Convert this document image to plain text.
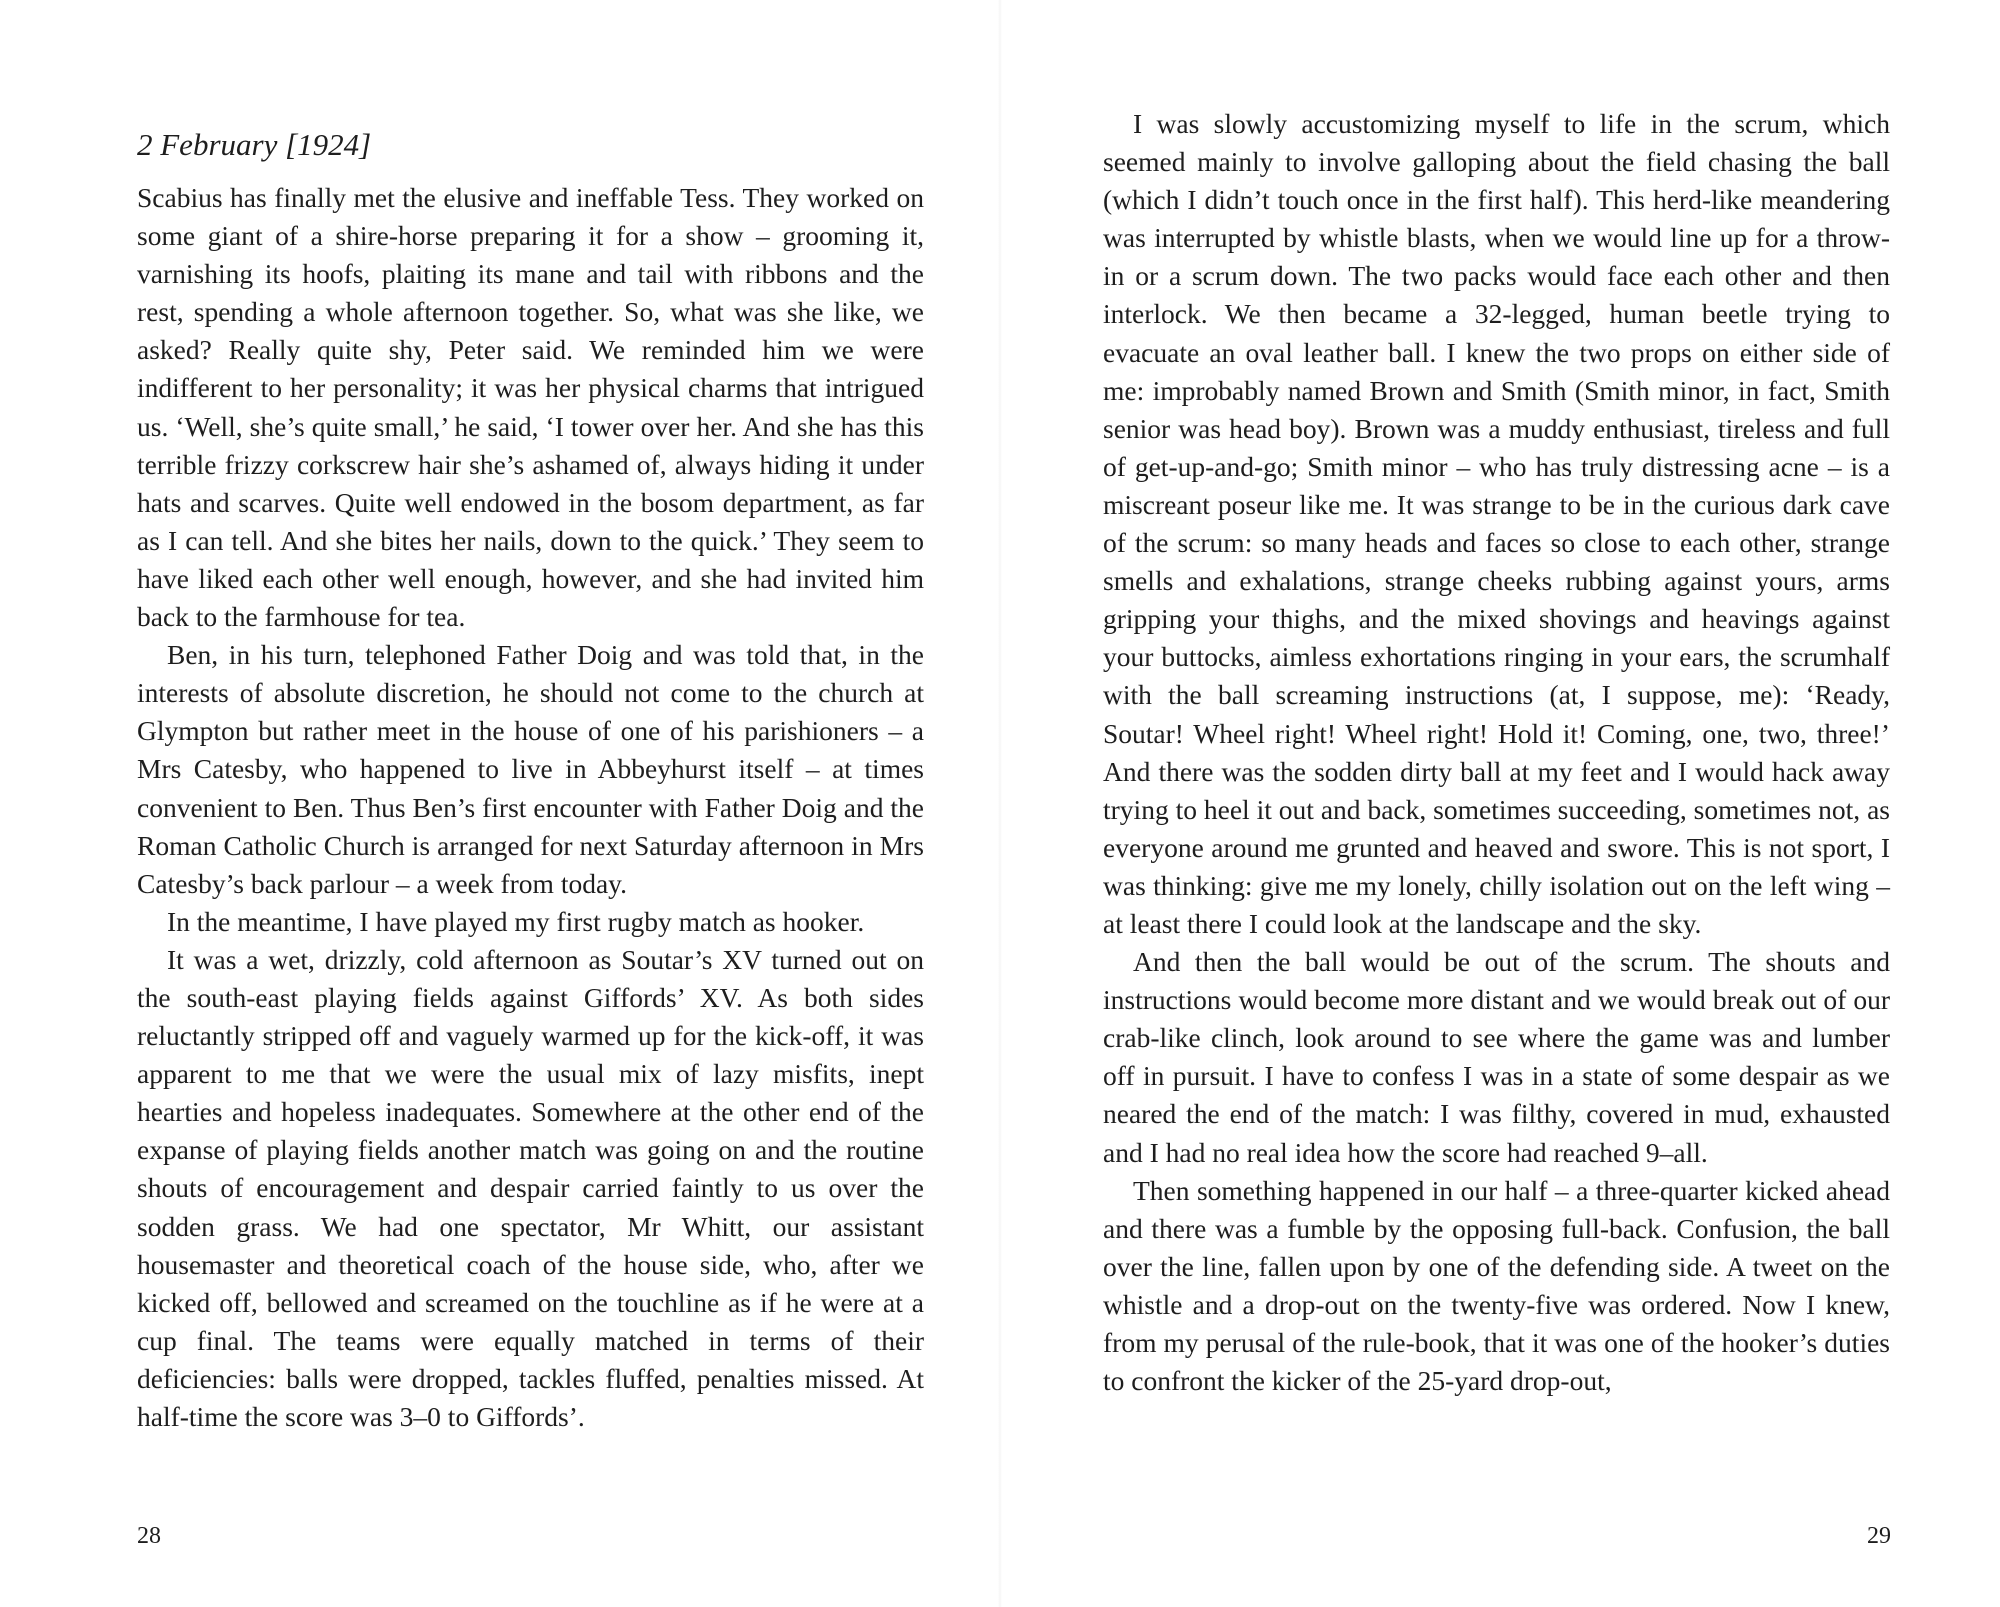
2 February [1924]

Scabius has finally met the elusive and ineffable Tess. They worked on some giant of a shire-horse preparing it for a show – grooming it, varnishing its hoofs, plaiting its mane and tail with ribbons and the rest, spending a whole afternoon together. So, what was she like, we asked? Really quite shy, Peter said. We reminded him we were indifferent to her personality; it was her physical charms that intrigued us. ‘Well, she’s quite small,’ he said, ‘I tower over her. And she has this terrible frizzy corkscrew hair she’s ashamed of, always hiding it under hats and scarves. Quite well endowed in the bosom department, as far as I can tell. And she bites her nails, down to the quick.’ They seem to have liked each other well enough, however, and she had invited him back to the farmhouse for tea.

Ben, in his turn, telephoned Father Doig and was told that, in the interests of absolute discretion, he should not come to the church at Glympton but rather meet in the house of one of his parishioners – a Mrs Catesby, who happened to live in Abbeyhurst itself – at times convenient to Ben. Thus Ben’s first encounter with Father Doig and the Roman Catholic Church is arranged for next Saturday afternoon in Mrs Catesby’s back parlour – a week from today.

In the meantime, I have played my first rugby match as hooker.

It was a wet, drizzly, cold afternoon as Soutar’s XV turned out on the south-east playing fields against Giffords’ XV. As both sides reluctantly stripped off and vaguely warmed up for the kick-off, it was apparent to me that we were the usual mix of lazy misfits, inept hearties and hopeless inadequates. Somewhere at the other end of the expanse of playing fields another match was going on and the routine shouts of encouragement and despair carried faintly to us over the sodden grass. We had one spectator, Mr Whitt, our assistant housemaster and theoretical coach of the house side, who, after we kicked off, bellowed and screamed on the touchline as if he were at a cup final. The teams were equally matched in terms of their deficiencies: balls were dropped, tackles fluffed, penalties missed. At half-time the score was 3–0 to Giffords’.

28

I was slowly accustomizing myself to life in the scrum, which seemed mainly to involve galloping about the field chasing the ball (which I didn’t touch once in the first half). This herd-like meandering was interrupted by whistle blasts, when we would line up for a throw-in or a scrum down. The two packs would face each other and then interlock. We then became a 32-legged, human beetle trying to evacuate an oval leather ball. I knew the two props on either side of me: improbably named Brown and Smith (Smith minor, in fact, Smith senior was head boy). Brown was a muddy enthusiast, tireless and full of get-up-and-go; Smith minor – who has truly distressing acne – is a miscreant poseur like me. It was strange to be in the curious dark cave of the scrum: so many heads and faces so close to each other, strange smells and exhalations, strange cheeks rubbing against yours, arms gripping your thighs, and the mixed shovings and heavings against your buttocks, aimless exhortations ringing in your ears, the scrumhalf with the ball screaming instructions (at, I suppose, me): ‘Ready, Soutar! Wheel right! Wheel right! Hold it! Coming, one, two, three!’ And there was the sodden dirty ball at my feet and I would hack away trying to heel it out and back, sometimes succeeding, sometimes not, as everyone around me grunted and heaved and swore. This is not sport, I was thinking: give me my lonely, chilly isolation out on the left wing – at least there I could look at the landscape and the sky.

And then the ball would be out of the scrum. The shouts and instructions would become more distant and we would break out of our crab-like clinch, look around to see where the game was and lumber off in pursuit. I have to confess I was in a state of some despair as we neared the end of the match: I was filthy, covered in mud, exhausted and I had no real idea how the score had reached 9–all.

Then something happened in our half – a three-quarter kicked ahead and there was a fumble by the opposing full-back. Confusion, the ball over the line, fallen upon by one of the defending side. A tweet on the whistle and a drop-out on the twenty-five was ordered. Now I knew, from my perusal of the rule-book, that it was one of the hooker’s duties to confront the kicker of the 25-yard drop-out,

29
